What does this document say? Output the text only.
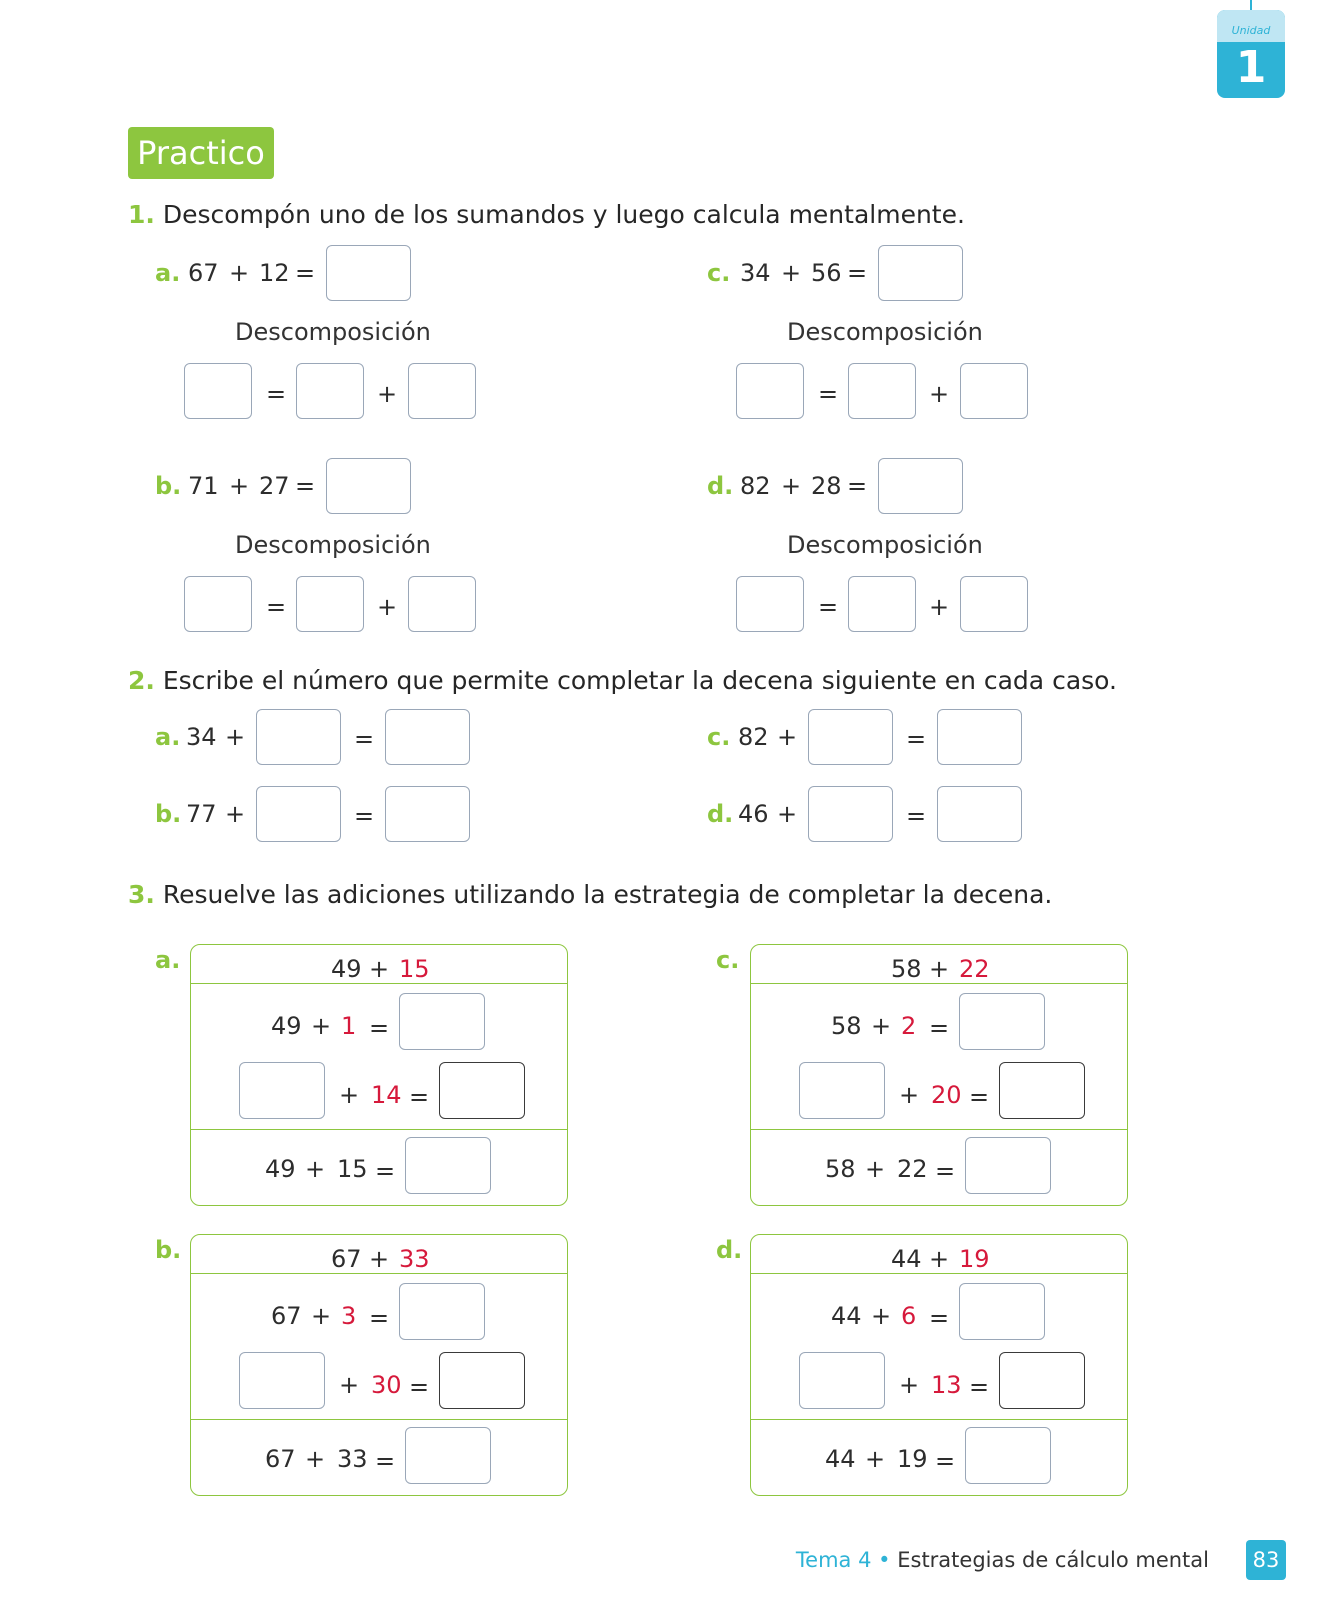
Unidad
1
Practico
1. Descompón uno de los sumandos y luego calcula mentalmente.
a. 67 + 12 =
Descomposición
=	+
c. 34 + 56 =
Descomposición
=	+
b. 71 + 27 =
Descomposición
=	+
d. 82 + 28 =
Descomposición
=	+
2. Escribe el número que permite completar la decena siguiente en cada caso.
a. 34 +	=	c. 82 +	=
b. 77 +	=	d. 46 +	=
3. Resuelve las adiciones utilizando la estrategia de completar la decena.
a.	49 + 15
49 + 1 =
+ 14 =
49 + 15 =
c.	58 + 22
58 + 2 =
+ 20 =
58 + 22 =
b.	67 + 33
67 + 3 =
+ 30 =
67 + 33 =
d.	44 + 19
44 + 6 =
+ 13 =
44 + 19 =
Tema 4 • Estrategias de cálculo mental	83
